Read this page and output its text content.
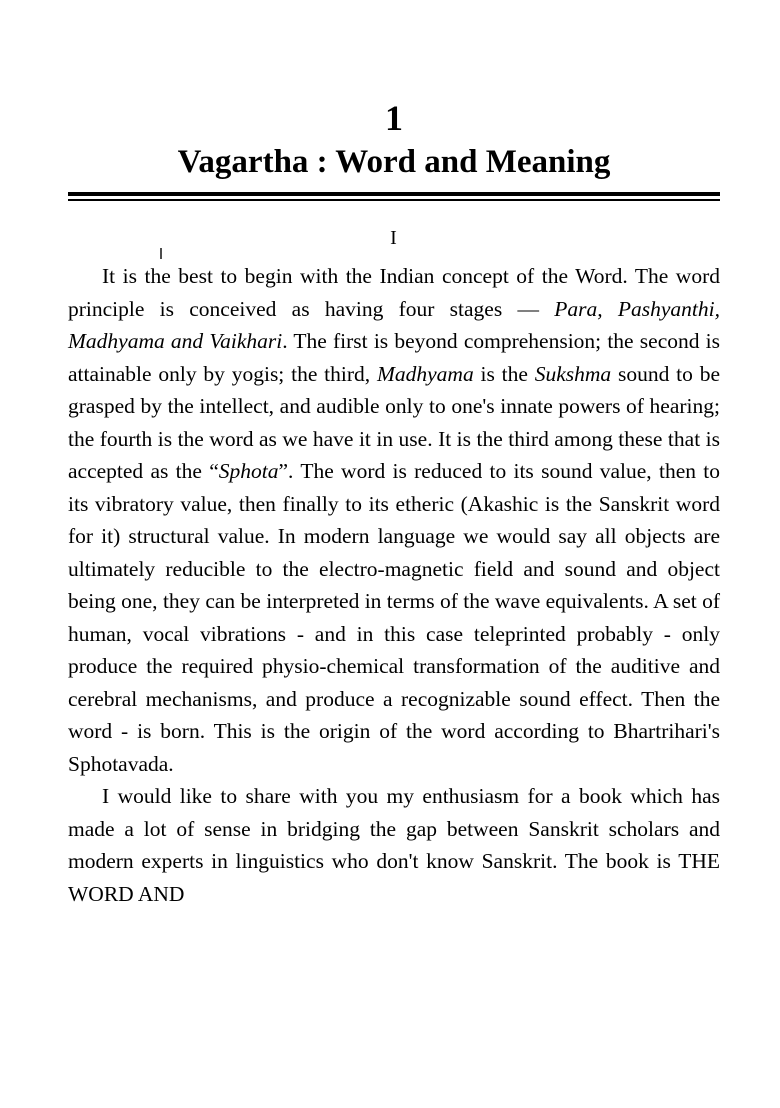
1
Vagartha : Word and Meaning
I

It is the best to begin with the Indian concept of the Word. The word principle is conceived as having four stages — Para, Pashyanthi, Madhyama and Vaikhari. The first is beyond comprehension; the second is attainable only by yogis; the third, Madhyama is the Sukshma sound to be grasped by the intellect, and audible only to one's innate powers of hearing; the fourth is the word as we have it in use. It is the third among these that is accepted as the “Sphota”. The word is reduced to its sound value, then to its vibratory value, then finally to its etheric (Akashic is the Sanskrit word for it) structural value. In modern language we would say all objects are ultimately reducible to the electro-magnetic field and sound and object being one, they can be interpreted in terms of the wave equivalents. A set of human, vocal vibrations - and in this case teleprinted probably - only produce the required physio-chemical transformation of the auditive and cerebral mechanisms, and produce a recognizable sound effect. Then the word - is born. This is the origin of the word according to Bhartrihari's Sphotavada.

I would like to share with you my enthusiasm for a book which has made a lot of sense in bridging the gap between Sanskrit scholars and modern experts in linguistics who don't know Sanskrit. The book is THE WORD AND
